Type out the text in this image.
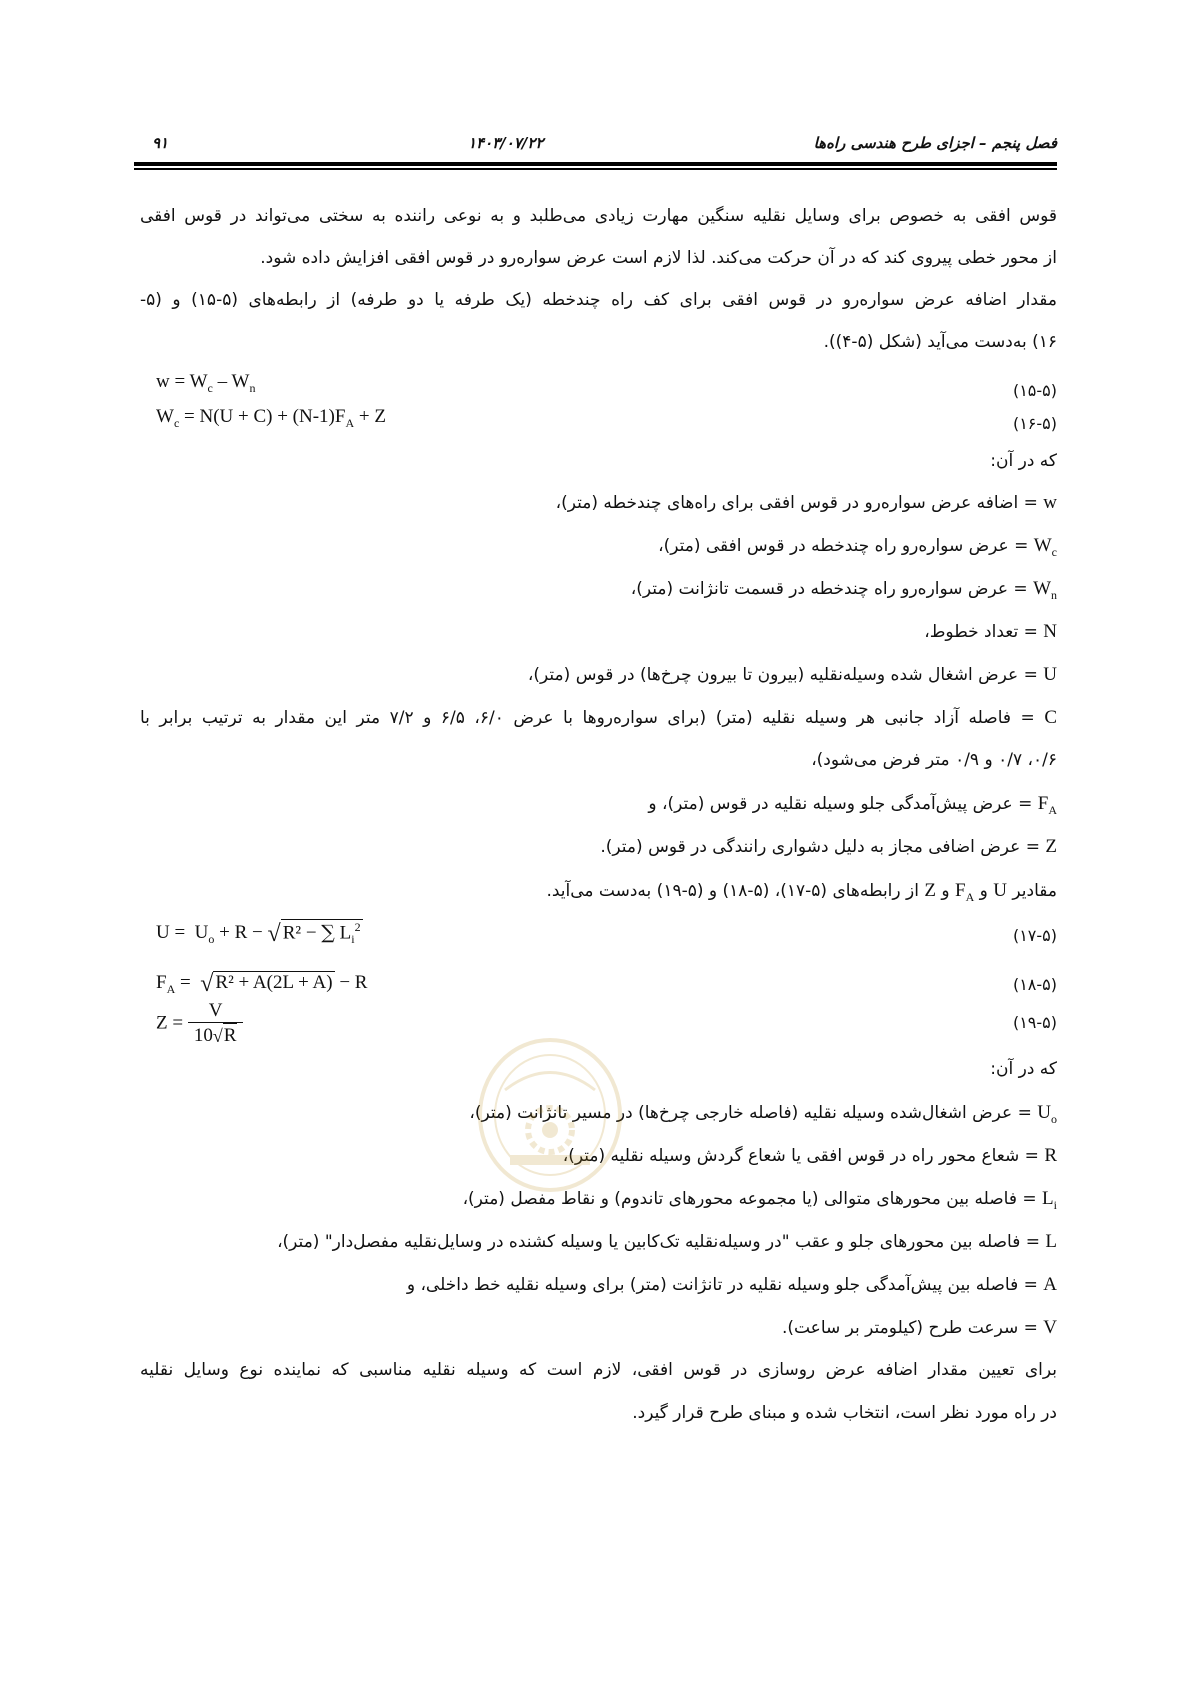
۹۱	۱۴۰۳/۰۷/۲۲	فصل پنجم – اجزای طرح هندسی راه‌ها
قوس افقی به خصوص برای وسایل نقلیه سنگین مهارت زیادی می‌طلبد و به نوعی راننده به سختی می‌تواند در قوس افقی
از محور خطی پیروی کند که در آن حرکت می‌کند. لذا لازم است عرض سواره‌رو در قوس افقی افزایش داده شود.
مقدار اضافه عرض سواره‌رو در قوس افقی برای کف راه چندخطه (یک طرفه یا دو طرفه) از رابطه‌های (۵-۱۵) و (۵-
۱۶) به‌دست می‌آید (شکل (۵-۴)).
$w = W_c - W_n$	(۱۵-۵)
$W_c = N(U + C) + (N-1)F_A + Z$	(۱۶-۵)
که در آن:
w = اضافه عرض سواره‌رو در قوس افقی برای راه‌های چندخطه (متر)،
$W_c$ = عرض سواره‌رو راه چندخطه در قوس افقی (متر)،
$W_n$ = عرض سواره‌رو راه چندخطه در قسمت تانژانت (متر)،
N = تعداد خطوط،
U = عرض اشغال شده وسیله‌نقلیه (بیرون تا بیرون چرخ‌ها) در قوس (متر)،
C = فاصله آزاد جانبی هر وسیله نقلیه (متر) (برای سواره‌روها با عرض ۶/۰، ۶/۵ و ۷/۲ متر این مقدار به ترتیب برابر با
۰/۶، ۰/۷ و ۰/۹ متر فرض می‌شود)،
$F_A$ = عرض پیش‌آمدگی جلو وسیله نقلیه در قوس (متر)، و
Z = عرض اضافی مجاز به دلیل دشواری رانندگی در قوس (متر).
مقادیر U و $F_A$ و Z از رابطه‌های (۵-۱۷)، (۵-۱۸) و (۵-۱۹) به‌دست می‌آید.
$U = U_o + R$ − √ R² − ∑ $L_i^2$	(۱۷-۵)
$F_A$ =  √ R² + A(2L + A) − R	(۱۸-۵)
$Z = \frac{V}{10√R}$	(۱۹-۵)
که در آن:
$U_o$ = عرض اشغال‌شده وسیله نقلیه (فاصله خارجی چرخ‌ها) در مسیر تانژانت (متر)،
R = شعاع محور راه در قوس افقی یا شعاع گردش وسیله نقلیه (متر)،
$L_i$ = فاصله بین محورهای متوالی (یا مجموعه محورهای تاندوم) و نقاط مفصل (متر)،
L = فاصله بین محورهای جلو و عقب "در وسیله‌نقلیه تک‌کابین یا وسیله کشنده در وسایل‌نقلیه مفصل‌دار" (متر)،
A = فاصله بین پیش‌آمدگی جلو وسیله نقلیه در تانژانت (متر) برای وسیله نقلیه خط داخلی، و
V = سرعت طرح (کیلومتر بر ساعت).
برای تعیین مقدار اضافه عرض روسازی در قوس افقی، لازم است که وسیله نقلیه مناسبی که نماینده نوع وسایل نقلیه
در راه مورد نظر است، انتخاب شده و مبنای طرح قرار گیرد.
